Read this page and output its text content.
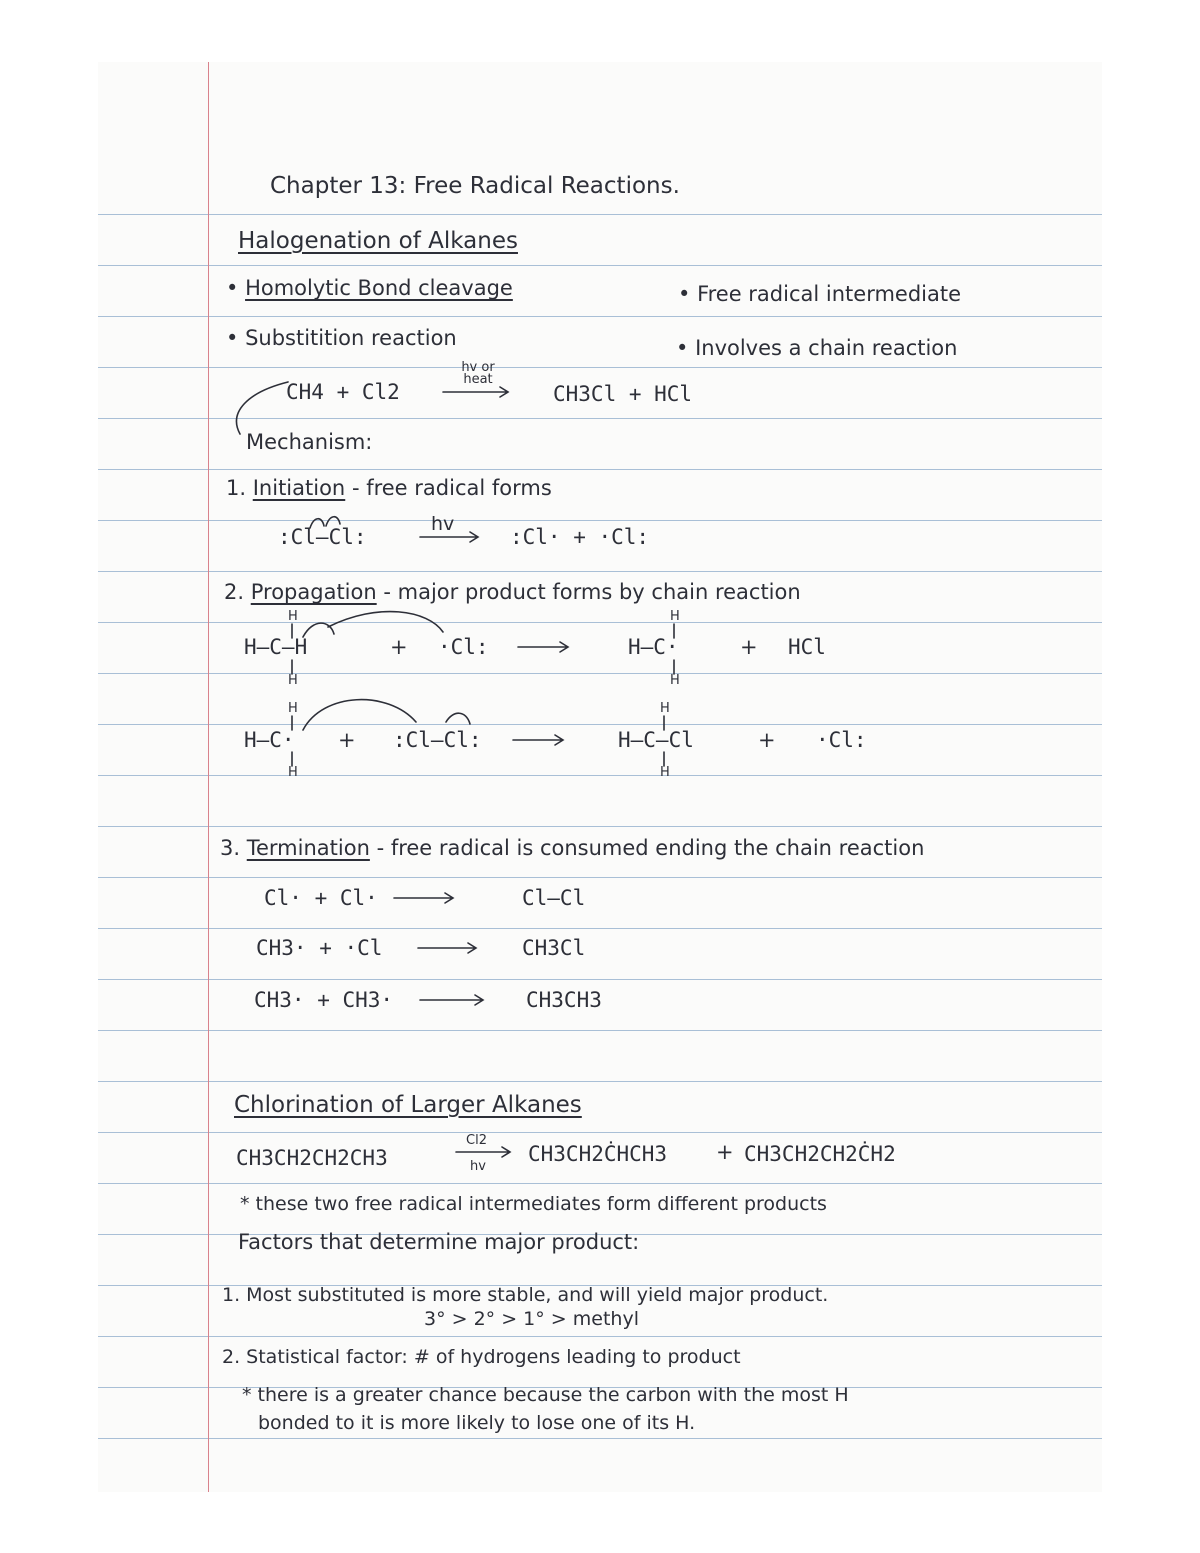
Chapter 13: Free Radical Reactions.
Halogenation of Alkanes
• Homolytic Bond cleavage	• Free radical intermediate
• Substitition reaction	• Involves a chain reaction
CH4 + Cl2
hv or heat
CH3Cl + HCl
Mechanism:
1. Initiation - free radical forms
:Cl–Cl:
hv
:Cl· + ·Cl:
2. Propagation - major product forms by chain reaction
H
H–C–H
H
+ ·Cl:
H
H–C·
H
+ HCl
H
H–C·
H
+ :Cl–Cl:
H
H–C–Cl
H
+ ·Cl:
3. Termination - free radical is consumed ending the chain reaction
Cl· + Cl·	Cl–Cl
CH3· + ·Cl	CH3Cl
CH3· + CH3·	CH3CH3
Chlorination of Larger Alkanes
CH3CH2CH2CH3
Cl2
hv
CH3CH2ĊHCH3 + CH3CH2CH2ĊH2
* these two free radical intermediates form different products
Factors that determine major product:
1. Most substituted is more stable, and will yield major product.
3° > 2° > 1° > methyl
2. Statistical factor: # of hydrogens leading to product
* there is a greater chance because the carbon with the most H
bonded to it is more likely to lose one of its H.
